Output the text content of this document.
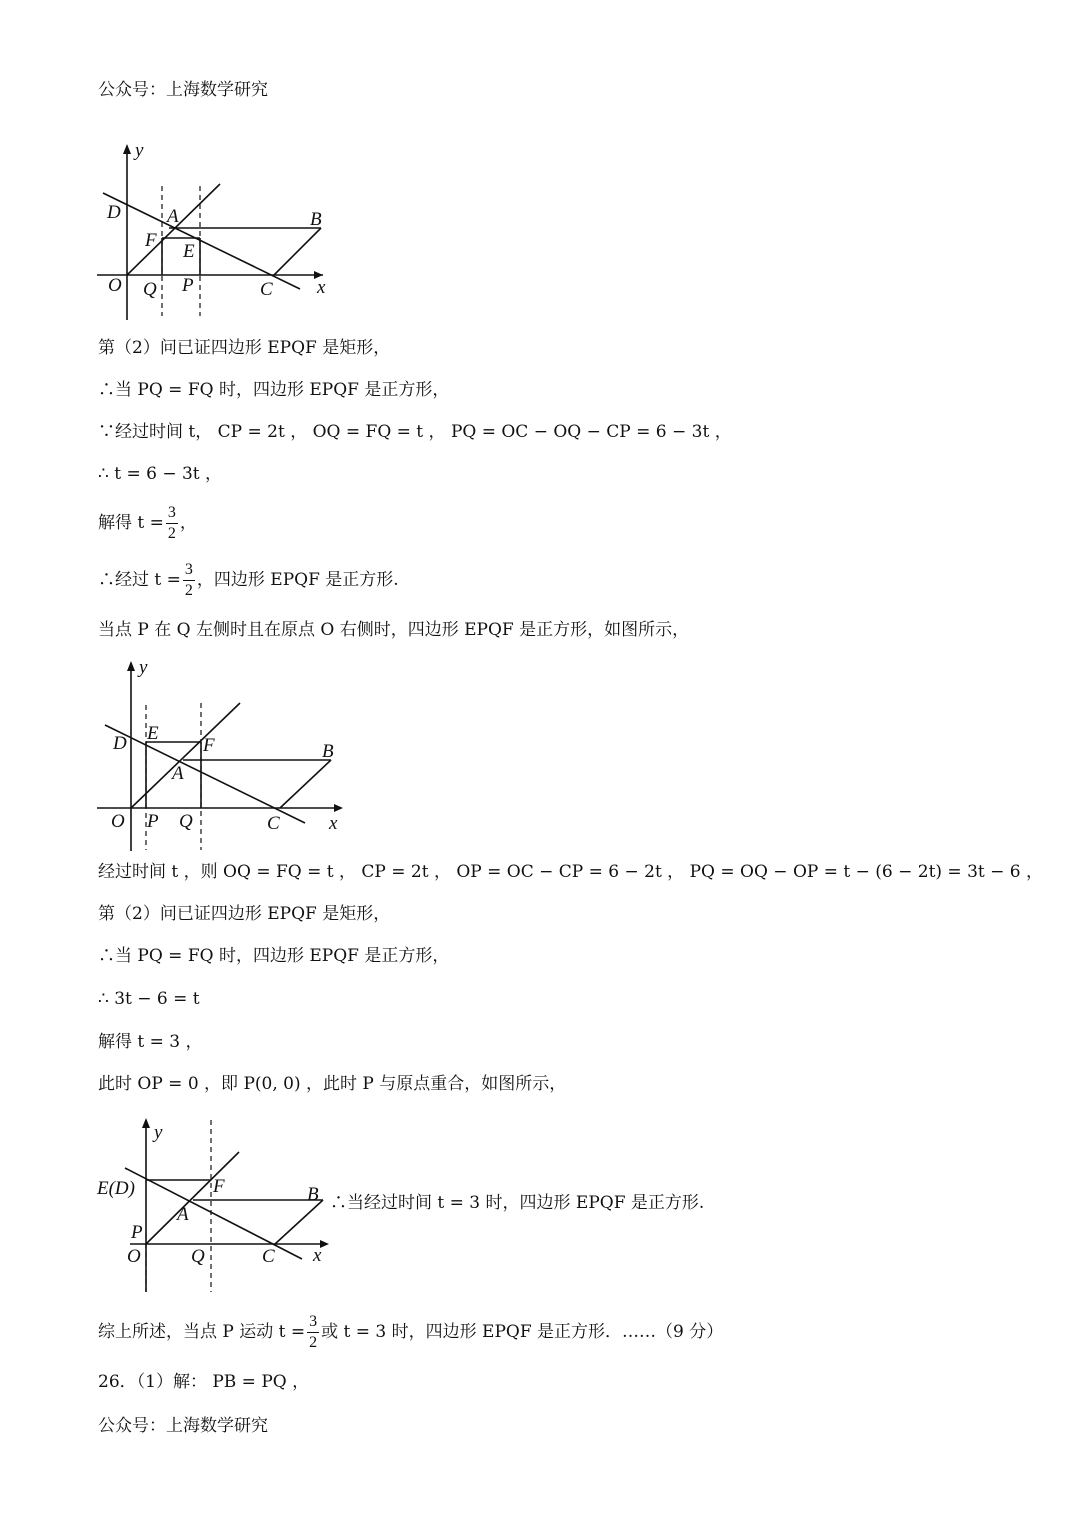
公众号：上海数学研究
y
x
D A	B
F
E
O Q P	C
第（2）问已证四边形 EPQF 是矩形，
∴当 PQ = FQ 时，四边形 EPQF 是正方形，
∵经过时间 t， CP = 2t ， OQ = FQ = t ， PQ = OC − OQ − CP = 6 − 3t ，
∴ t = 6 − 3t ，
解得 $t = \frac{3}{2}$ ，
∴经过 $t = \frac{3}{2}$ ，四边形 EPQF 是正方形.
当点 P 在 Q 左侧时且在原点 O 右侧时，四边形 EPQF 是正方形，如图所示，
y
x
D E
F	B
A
O P Q	C
经过时间 t ，则 OQ = FQ = t ， CP = 2t ， OP = OC − CP = 6 − 2t ， PQ = OQ − OP = t − (6 − 2t) = 3t − 6 ，
第（2）问已证四边形 EPQF 是矩形，
∴当 PQ = FQ 时，四边形 EPQF 是正方形，
∴ 3t − 6 = t
解得 t = 3 ，
此时 OP = 0 ，即 P(0, 0) ，此时 P 与原点重合，如图所示，
y
x
E(D)	F	B
A
P
O	Q	C
∴当经过时间 t = 3 时，四边形 EPQF 是正方形.
综上所述，当点 P 运动 $t = \frac{3}{2}$ 或 t = 3 时，四边形 EPQF 是正方形．……（9 分）
26．（1）解： PB = PQ ，
公众号：上海数学研究
